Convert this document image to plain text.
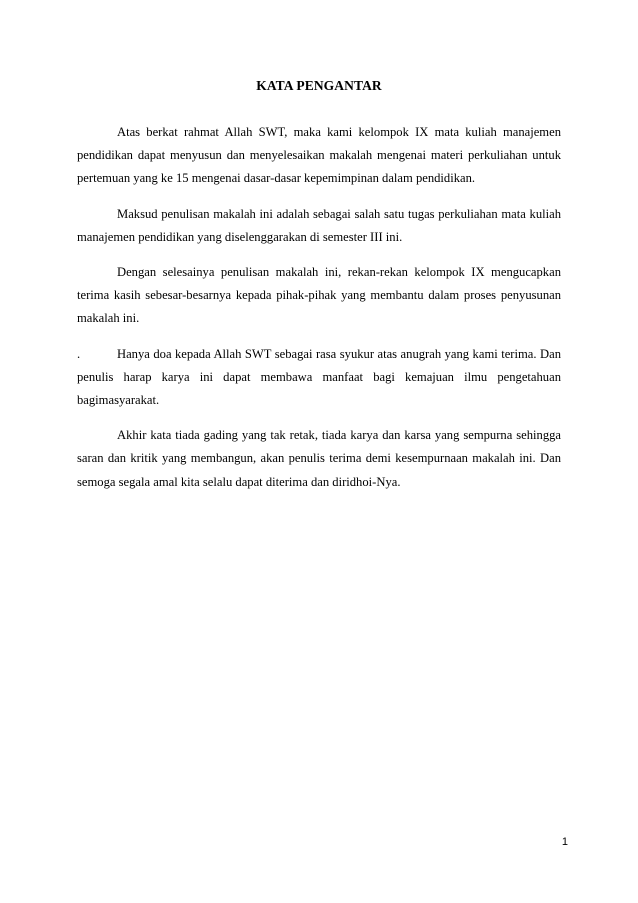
KATA PENGANTAR

Atas berkat rahmat Allah SWT, maka kami kelompok IX mata kuliah manajemen pendidikan dapat menyusun dan menyelesaikan makalah mengenai materi perkuliahan untuk pertemuan yang ke 15 mengenai dasar-dasar kepemimpinan dalam pendidikan.

Maksud penulisan makalah ini adalah sebagai salah satu tugas perkuliahan mata kuliah manajemen pendidikan yang diselenggarakan di semester III ini.

Dengan selesainya penulisan makalah ini, rekan-rekan kelompok IX mengucapkan terima kasih sebesar-besarnya kepada pihak-pihak yang membantu dalam proses penyusunan makalah ini.

.	Hanya doa kepada Allah SWT sebagai rasa syukur atas anugrah yang kami terima. Dan penulis harap karya ini dapat membawa manfaat bagi kemajuan ilmu pengetahuan bagimasyarakat.

Akhir kata tiada gading yang tak retak, tiada karya dan karsa yang sempurna sehingga saran dan kritik yang membangun, akan penulis terima demi kesempurnaan makalah ini. Dan semoga segala amal kita selalu dapat diterima dan diridhoi-Nya.

1
